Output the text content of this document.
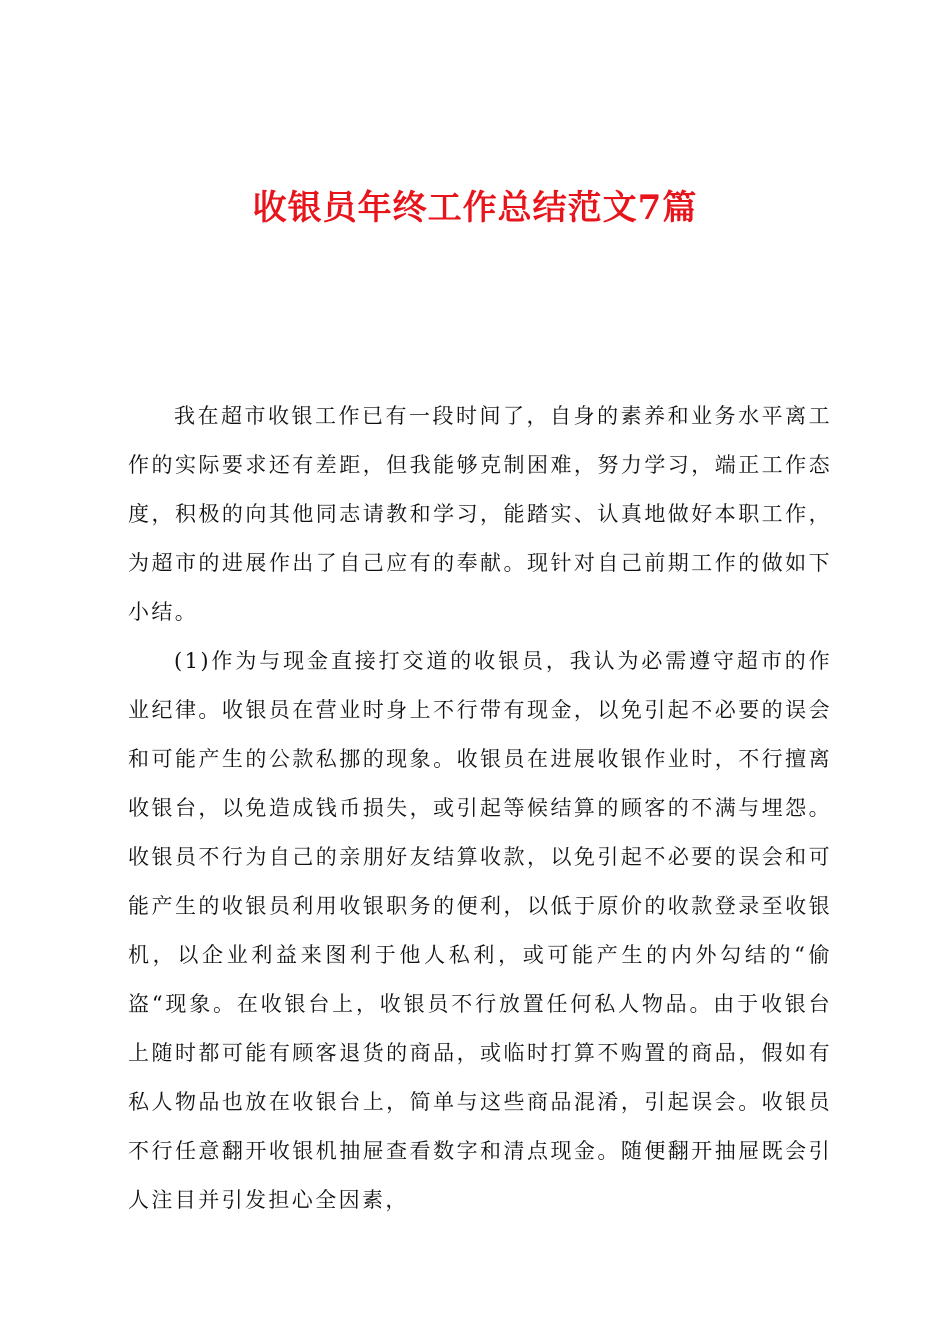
收银员年终工作总结范文7篇

我在超市收银工作已有一段时间了，自身的素养和业务水平离工作的实际要求还有差距，但我能够克制困难，努力学习，端正工作态度，积极的向其他同志请教和学习，能踏实、认真地做好本职工作，为超市的进展作出了自己应有的奉献。现针对自己前期工作的做如下小结。

(1)作为与现金直接打交道的收银员，我认为必需遵守超市的作业纪律。收银员在营业时身上不行带有现金，以免引起不必要的误会和可能产生的公款私挪的现象。收银员在进展收银作业时，不行擅离收银台，以免造成钱币损失，或引起等候结算的顾客的不满与埋怨。收银员不行为自己的亲朋好友结算收款，以免引起不必要的误会和可能产生的收银员利用收银职务的便利，以低于原价的收款登录至收银机，以企业利益来图利于他人私利，或可能产生的内外勾结的“偷盗“现象。在收银台上，收银员不行放置任何私人物品。由于收银台上随时都可能有顾客退货的商品，或临时打算不购置的商品，假如有私人物品也放在收银台上，简单与这些商品混淆，引起误会。收银员不行任意翻开收银机抽屉查看数字和清点现金。随便翻开抽屉既会引人注目并引发担心全因素，
